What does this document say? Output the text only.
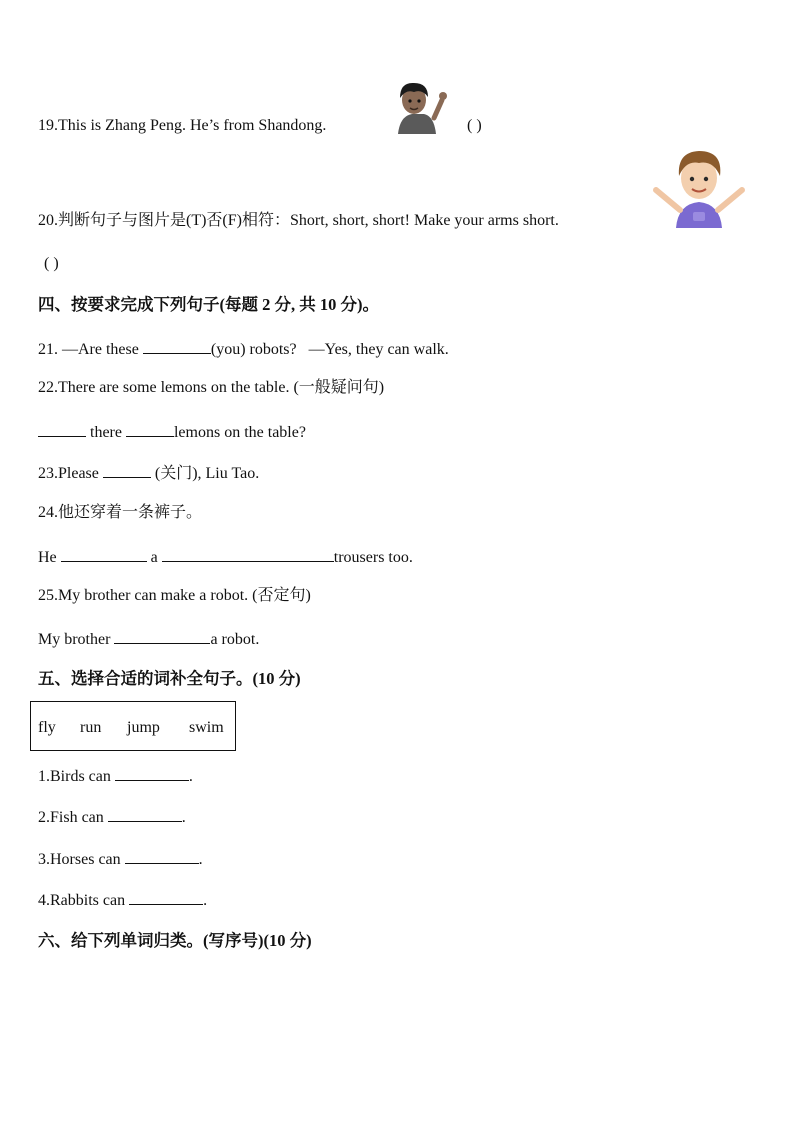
19.This is Zhang Peng. He’s from Shandong.	( )
20.判断句子与图片是(T)否(F)相符：Short, short, short! Make your arms short.
( )
四、按要求完成下列句子(每题 2 分, 共 10 分)。
21. —Are these	(you) robots? —Yes, they can walk.
22.There are some lemons on the table. (一般疑问句)
there	lemons on the table?
23.Please	(关门), Liu Tao.
24.他还穿着一条裤子。
He	a	trousers too.
25.My brother can make a robot. (否定句)
My brother	a robot.
五、选择合适的词补全句子。(10 分)
fly run jump swim
1.Birds can	.
2.Fish can	.
3.Horses can	.
4.Rabbits can	.
六、给下列单词归类。(写序号)(10 分)
